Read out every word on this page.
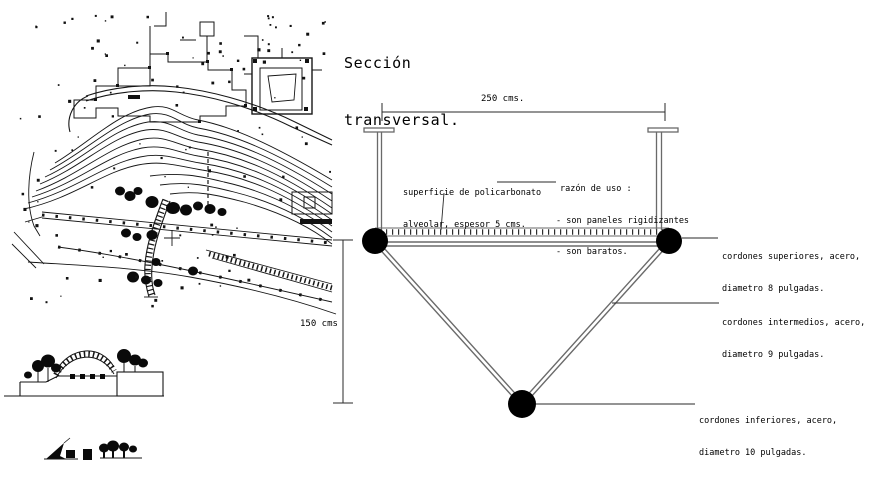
Sección

transversal.

250 cms.
150 cms

superficie de policarbonato

alveolar, espesor 5 cms.

razón de uso :

- son paneles rigidizantes

- son baratos.

	cordones superiores, acero,

diametro 8 pulgadas.

cordones intermedios, acero,

diametro 9 pulgadas.

cordones inferiores, acero,

diametro 10 pulgadas.
